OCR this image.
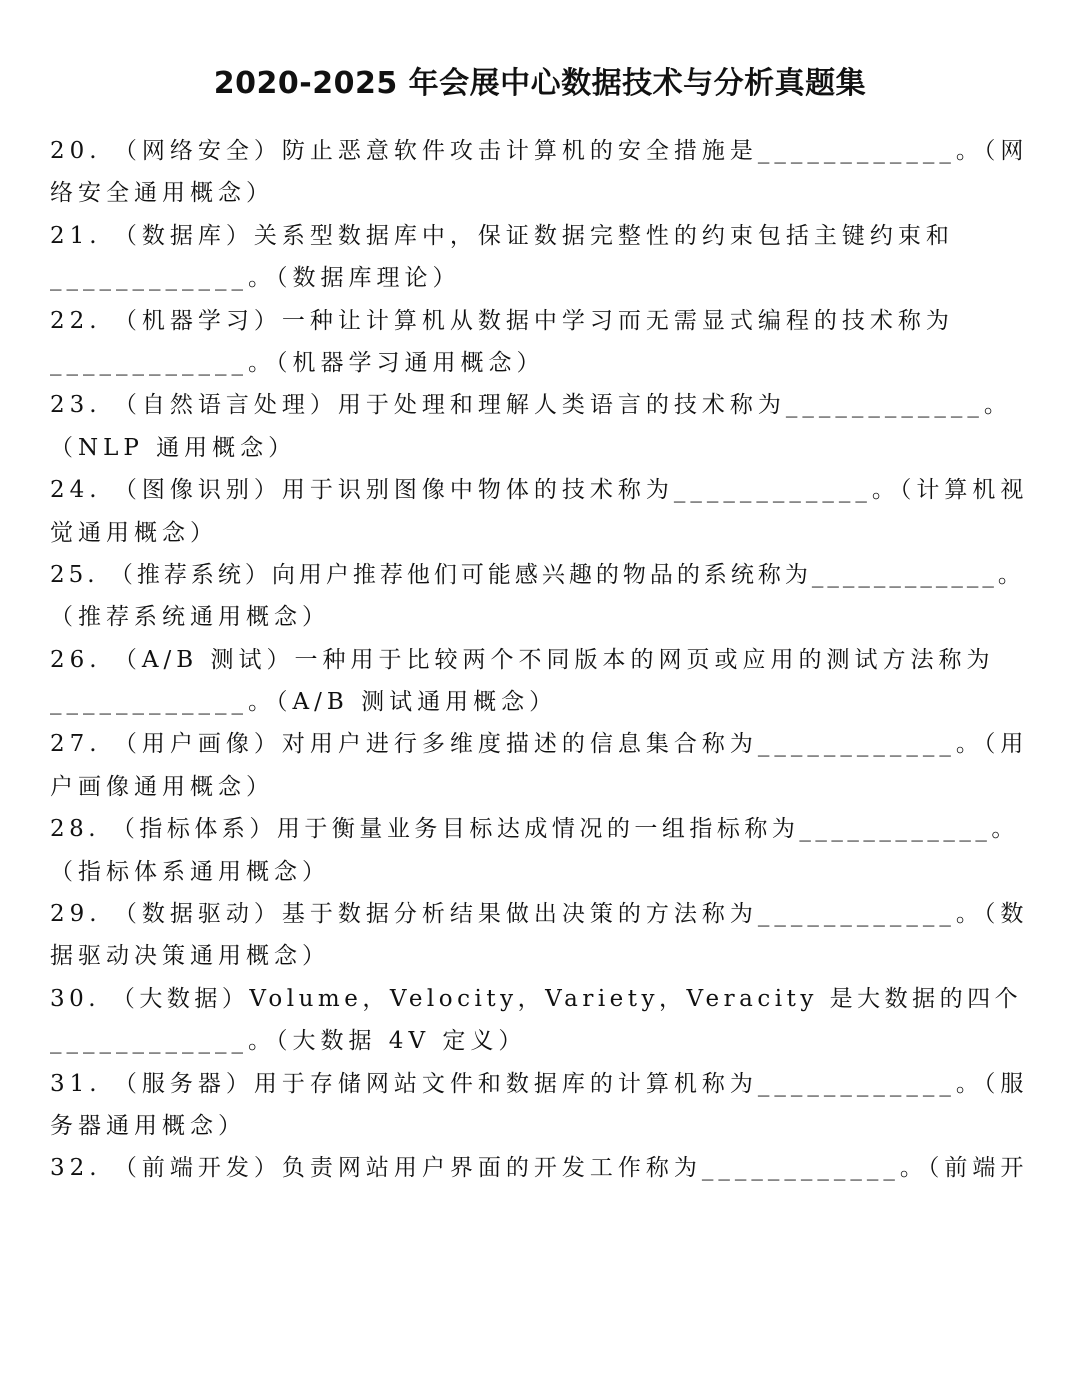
2020-2025 年会展中心数据技术与分析真题集
20. （网络安全）防止恶意软件攻击计算机的安全措施是____________。（网
络安全通用概念）
21. （数据库）关系型数据库中，保证数据完整性的约束包括主键约束和
____________。（数据库理论）
22. （机器学习）一种让计算机从数据中学习而无需显式编程的技术称为
____________。（机器学习通用概念）
23. （自然语言处理）用于处理和理解人类语言的技术称为____________。
（NLP 通用概念）
24. （图像识别）用于识别图像中物体的技术称为____________。（计算机视
觉通用概念）
25. （推荐系统）向用户推荐他们可能感兴趣的物品的系统称为____________。
（推荐系统通用概念）
26. （A/B 测试）一种用于比较两个不同版本的网页或应用的测试方法称为
____________。（A/B 测试通用概念）
27. （用户画像）对用户进行多维度描述的信息集合称为____________。（用
户画像通用概念）
28. （指标体系）用于衡量业务目标达成情况的一组指标称为____________。
（指标体系通用概念）
29. （数据驱动）基于数据分析结果做出决策的方法称为____________。（数
据驱动决策通用概念）
30. （大数据）Volume，Velocity，Variety，Veracity 是大数据的四个
____________。（大数据 4V 定义）
31. （服务器）用于存储网站文件和数据库的计算机称为____________。（服
务器通用概念）
32. （前端开发）负责网站用户界面的开发工作称为____________。（前端开
